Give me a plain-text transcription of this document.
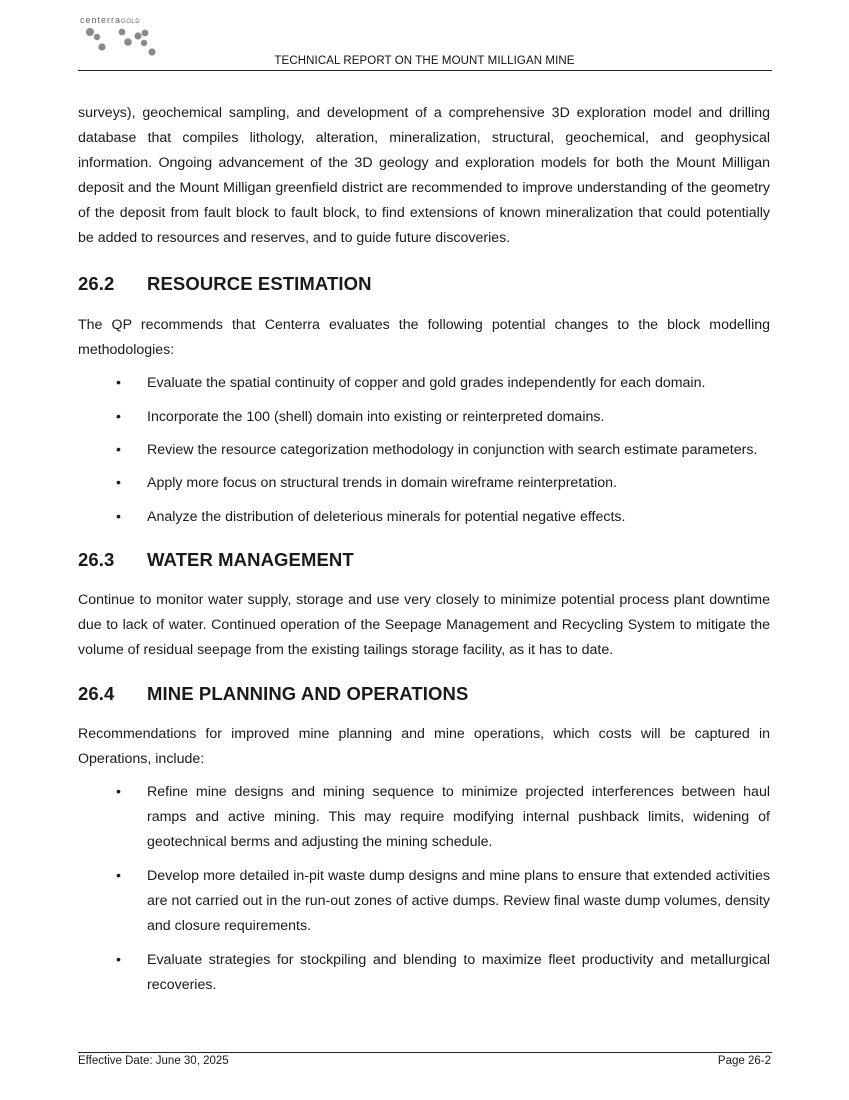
centerraGOLD
TECHNICAL REPORT ON THE MOUNT MILLIGAN MINE

surveys), geochemical sampling, and development of a comprehensive 3D exploration model and drilling database that compiles lithology, alteration, mineralization, structural, geochemical, and geophysical information. Ongoing advancement of the 3D geology and exploration models for both the Mount Milligan deposit and the Mount Milligan greenfield district are recommended to improve understanding of the geometry of the deposit from fault block to fault block, to find extensions of known mineralization that could potentially be added to resources and reserves, and to guide future discoveries.

26.2 RESOURCE ESTIMATION

The QP recommends that Centerra evaluates the following potential changes to the block modelling methodologies:

• Evaluate the spatial continuity of copper and gold grades independently for each domain.
• Incorporate the 100 (shell) domain into existing or reinterpreted domains.
• Review the resource categorization methodology in conjunction with search estimate parameters.
• Apply more focus on structural trends in domain wireframe reinterpretation.
• Analyze the distribution of deleterious minerals for potential negative effects.
26.3 WATER MANAGEMENT

Continue to monitor water supply, storage and use very closely to minimize potential process plant downtime due to lack of water. Continued operation of the Seepage Management and Recycling System to mitigate the volume of residual seepage from the existing tailings storage facility, as it has to date.

26.4 MINE PLANNING AND OPERATIONS

Recommendations for improved mine planning and mine operations, which costs will be captured in Operations, include:

• Refine mine designs and mining sequence to minimize projected interferences between haul ramps and active mining. This may require modifying internal pushback limits, widening of geotechnical berms and adjusting the mining schedule.
• Develop more detailed in-pit waste dump designs and mine plans to ensure that extended activities are not carried out in the run-out zones of active dumps. Review final waste dump volumes, density and closure requirements.
• Evaluate strategies for stockpiling and blending to maximize fleet productivity and metallurgical recoveries.
Effective Date: June 30, 2025	Page 26-2
